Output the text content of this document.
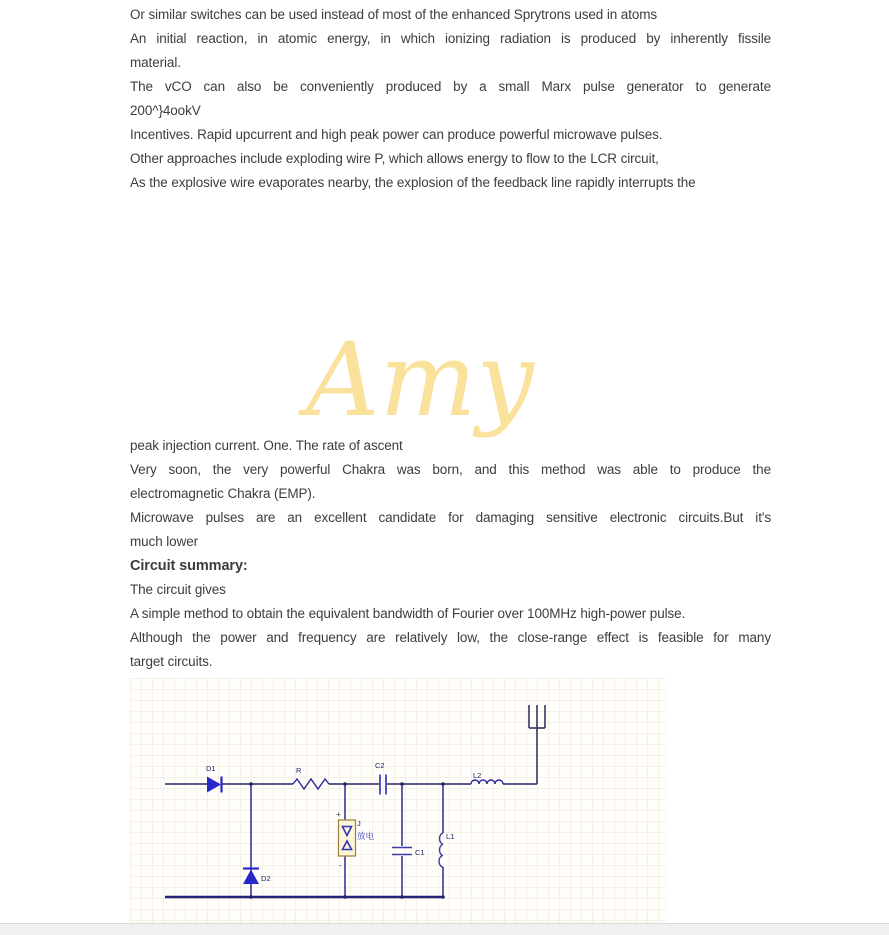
Amy
Or similar switches can be used instead of most of the enhanced Sprytrons used in atoms
An initial reaction, in atomic energy, in which ionizing radiation is produced by inherently fissile
material.
The vCO can also be conveniently produced by a small Marx pulse generator to generate
200^}4ookV
Incentives. Rapid upcurrent and high peak power can produce powerful microwave pulses.
Other approaches include exploding wire P, which allows energy to flow to the LCR circuit,
As the explosive wire evaporates nearby, the explosion of the feedback line rapidly interrupts the
peak injection current. One. The rate of ascent
Very soon, the very powerful Chakra was born, and this method was able to produce the
electromagnetic Chakra (EMP).
Microwave pulses are an excellent candidate for damaging sensitive electronic circuits.But it's
much lower
Circuit summary:
The circuit gives
A simple method to obtain the equivalent bandwidth of Fourier over 100MHz high-power pulse.
Although the power and frequency are relatively low, the close-range effect is feasible for many
target circuits.
D1	R
C2
L2
+
-
J
放电
C1
L1
D2
